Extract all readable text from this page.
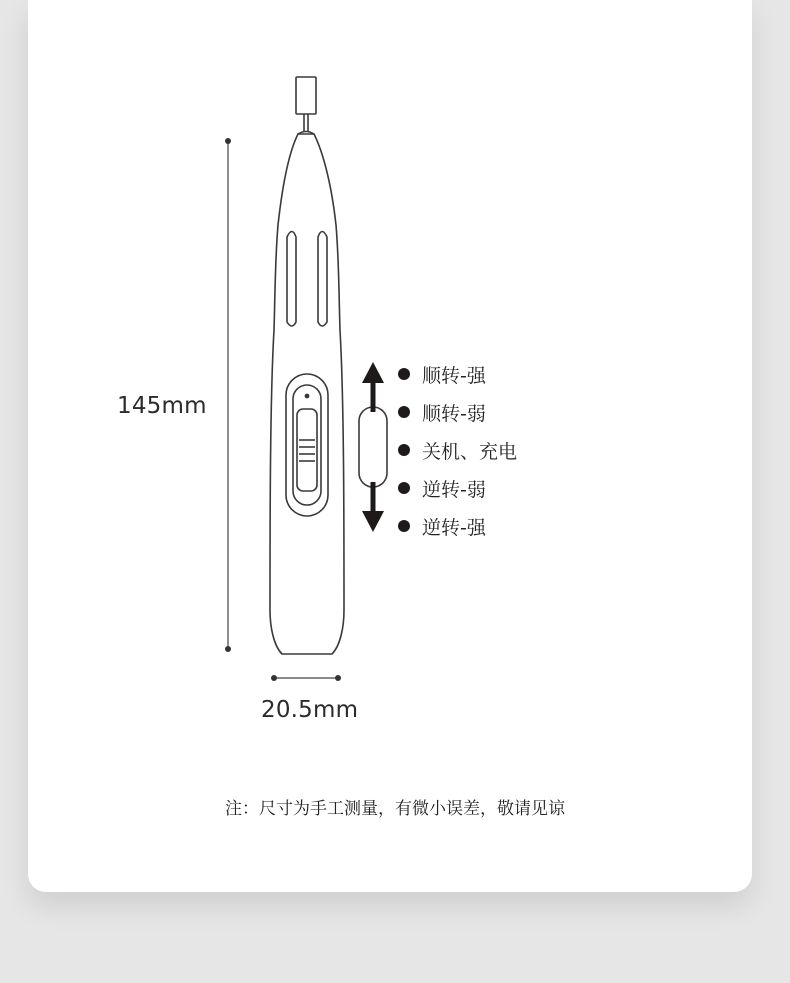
145mm
20.5mm
顺转-强
顺转-弱
关机、充电
逆转-弱
逆转-强
注：尺寸为手工测量，有微小误差，敬请见谅
